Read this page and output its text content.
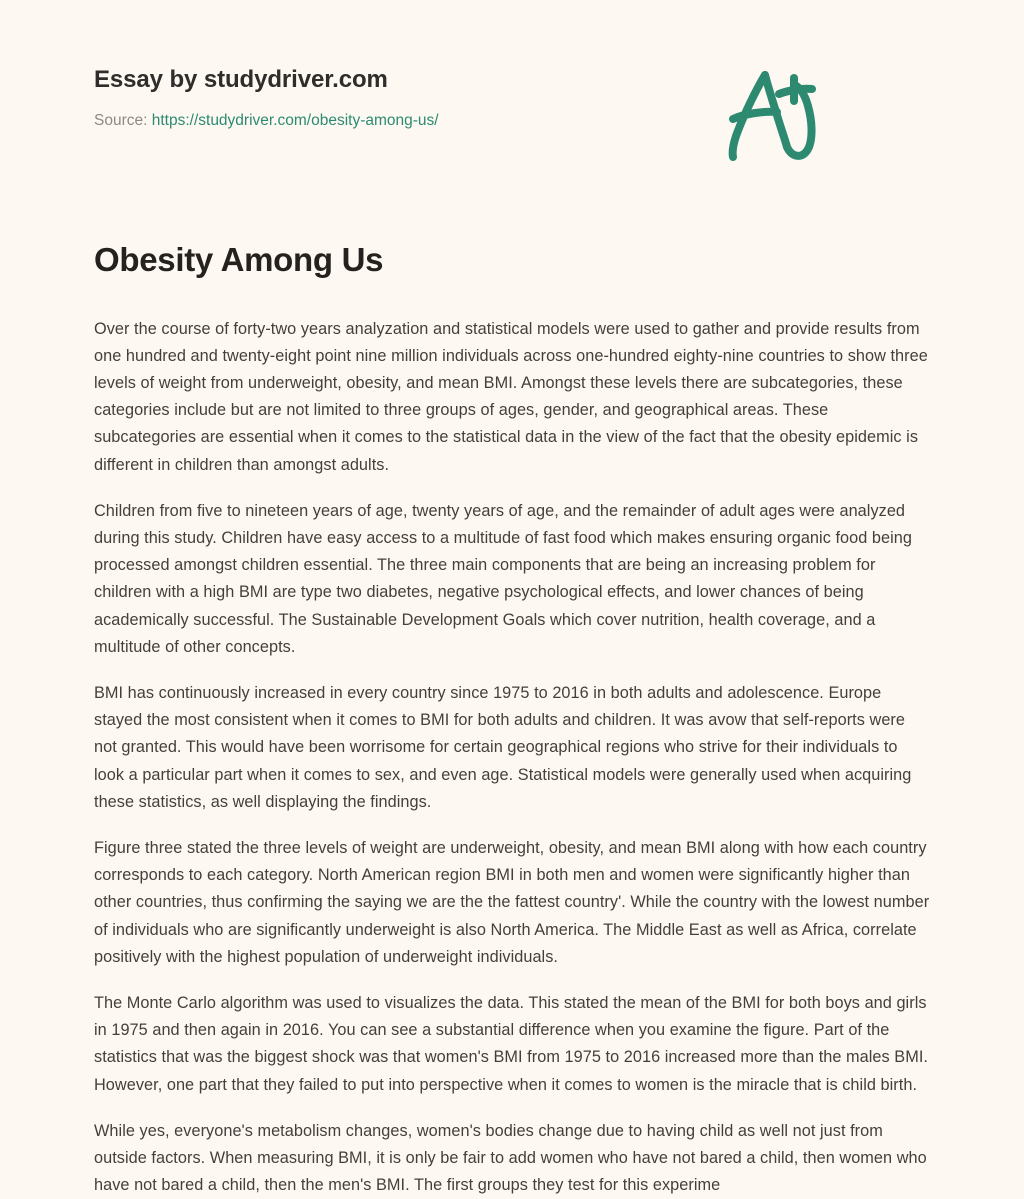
Essay by studydriver.com
Source: https://studydriver.com/obesity-among-us/
Obesity Among Us

Over the course of forty-two years analyzation and statistical models were used to gather and provide results from one hundred and twenty-eight point nine million individuals across one-hundred eighty-nine countries to show three levels of weight from underweight, obesity, and mean BMI. Amongst these levels there are subcategories, these categories include but are not limited to three groups of ages, gender, and geographical areas. These subcategories are essential when it comes to the statistical data in the view of the fact that the obesity epidemic is different in children than amongst adults.

Children from five to nineteen years of age, twenty years of age, and the remainder of adult ages were analyzed during this study. Children have easy access to a multitude of fast food which makes ensuring organic food being processed amongst children essential. The three main components that are being an increasing problem for children with a high BMI are type two diabetes, negative psychological effects, and lower chances of being academically successful. The Sustainable Development Goals which cover nutrition, health coverage, and a multitude of other concepts.

BMI has continuously increased in every country since 1975 to 2016 in both adults and adolescence. Europe stayed the most consistent when it comes to BMI for both adults and children. It was avow that self-reports were not granted. This would have been worrisome for certain geographical regions who strive for their individuals to look a particular part when it comes to sex, and even age. Statistical models were generally used when acquiring these statistics, as well displaying the findings.

Figure three stated the three levels of weight are underweight, obesity, and mean BMI along with how each country corresponds to each category. North American region BMI in both men and women were significantly higher than other countries, thus confirming the saying we are the the fattest country'. While the country with the lowest number of individuals who are significantly underweight is also North America. The Middle East as well as Africa, correlate positively with the highest population of underweight individuals.

The Monte Carlo algorithm was used to visualizes the data. This stated the mean of the BMI for both boys and girls in 1975 and then again in 2016. You can see a substantial difference when you examine the figure. Part of the statistics that was the biggest shock was that women's BMI from 1975 to 2016 increased more than the males BMI. However, one part that they failed to put into perspective when it comes to women is the miracle that is child birth.

While yes, everyone's metabolism changes, women's bodies change due to having child as well not just from outside factors. When measuring BMI, it is only be fair to add women who have not bared a child, then women who have not bared a child, then the men's BMI. The first groups they test for this experime
